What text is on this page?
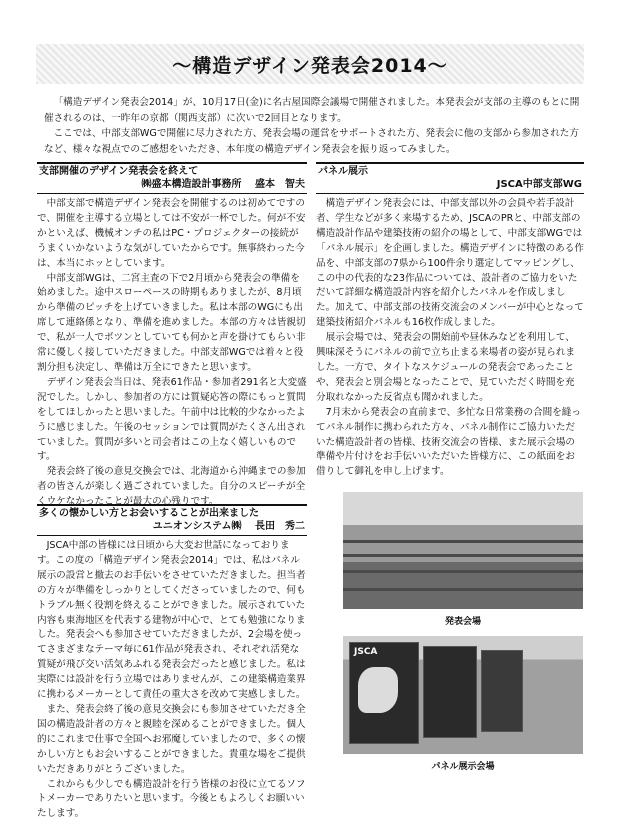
〜構造デザイン発表会2014〜

「構造デザイン発表会2014」が、10月17日(金)に名古屋国際会議場で開催されました。本発表会が支部の主導のもとに開催されるのは、一昨年の京都（関西支部）に次いで2回目となります。

ここでは、中部支部WGで開催に尽力された方、発表会場の運営をサポートされた方、発表会に他の支部から参加された方など、様々な視点でのご感想をいただき、本年度の構造デザイン発表会を振り返ってみました。

支部開催のデザイン発表会を終えて
㈱盛本構造設計事務所　 盛本　智夫

中部支部で構造デザイン発表会を開催するのは初めてですので、開催を主導する立場としては不安が一杯でした。何が不安かといえば、機械オンチの私はPC・プロジェクターの接続がうまくいかないような気がしていたからです。無事終わった今は、本当にホッとしています。

中部支部WGは、二宮主査の下で2月頃から発表会の準備を始めました。途中スローペースの時期もありましたが、8月頃から準備のピッチを上げていきました。私は本部のWGにも出席して連絡係となり、準備を進めました。本部の方々は皆親切で、私が一人でボツンとしていても何かと声を掛けてもらい非常に優しく接していただきました。中部支部WGでは着々と役割分担も決定し、準備は万全にできたと思います。

デザイン発表会当日は、発表61作品・参加者291名と大変盛況でした。しかし、参加者の方には質疑応答の際にもっと質問をしてほしかったと思いました。午前中は比較的少なかったように感じました。午後のセッションでは質問がたくさん出されていました。質問が多いと司会者はこの上なく嬉しいものです。

発表会終了後の意見交換会では、北海道から沖縄までの参加者の皆さんが楽しく過ごされていました。自分のスピーチが全くウケなかったことが最大の心残りです。

多くの懐かしい方とお会いすることが出来ました
ユニオンシステム㈱　 長田　秀二

JSCA中部の皆様には日頃から大変お世話になっております。この度の「構造デザイン発表会2014」では、私はパネル展示の設営と撤去のお手伝いをさせていただきました。担当者の方々が準備をしっかりとしてくださっていましたので、何もトラブル無く役割を終えることができました。展示されていた内容も東海地区を代表する建物が中心で、とても勉強になりました。発表会へも参加させていただきましたが、2会場を使ってさまざまなテーマ毎に61作品が発表され、それぞれ活発な質疑が飛び交い活気あふれる発表会だったと感じました。私は実際には設計を行う立場ではありませんが、この建築構造業界に携わるメーカーとして責任の重大さを改めて実感しました。

また、発表会終了後の意見交換会にも参加させていただき全国の構造設計者の方々と親睦を深めることができました。個人的にこれまで仕事で全国へお邪魔していましたので、多くの懐かしい方ともお会いすることができました。貴重な場をご提供いただきありがとうございました。

これからも少しでも構造設計を行う皆様のお役に立てるソフトメーカーでありたいと思います。今後ともよろしくお願いいたします。

パネル展示
JSCA中部支部WG

構造デザイン発表会には、中部支部以外の会員や若手設計者、学生などが多く来場するため、JSCAのPRと、中部支部の構造設計作品や建築技術の紹介の場として、中部支部WGでは「パネル展示」を企画しました。構造デザインに特徴のある作品を、中部支部の7県から100件余り選定してマッピングし、この中の代表的な23作品については、設計者のご協力をいただいて詳細な構造設計内容を紹介したパネルを作成しました。加えて、中部支部の技術交流会のメンバーが中心となって建築技術紹介パネルも16枚作成しました。

展示会場では、発表会の開始前や昼休みなどを利用して、興味深そうにパネルの前で立ち止まる来場者の姿が見られました。一方で、タイトなスケジュールの発表会であったことや、発表会と別会場となったことで、見ていただく時間を充分取れなかった反省点も聞かれました。

7月末から発表会の直前まで、多忙な日常業務の合間を縫ってパネル制作に携わられた方々、パネル制作にご協力いただいた構造設計者の皆様、技術交流会の皆様、また展示会場の準備や片付けをお手伝いいただいた皆様方に、この紙面をお借りして御礼を申し上げます。

発表会場
JSCA
パネル展示会場
